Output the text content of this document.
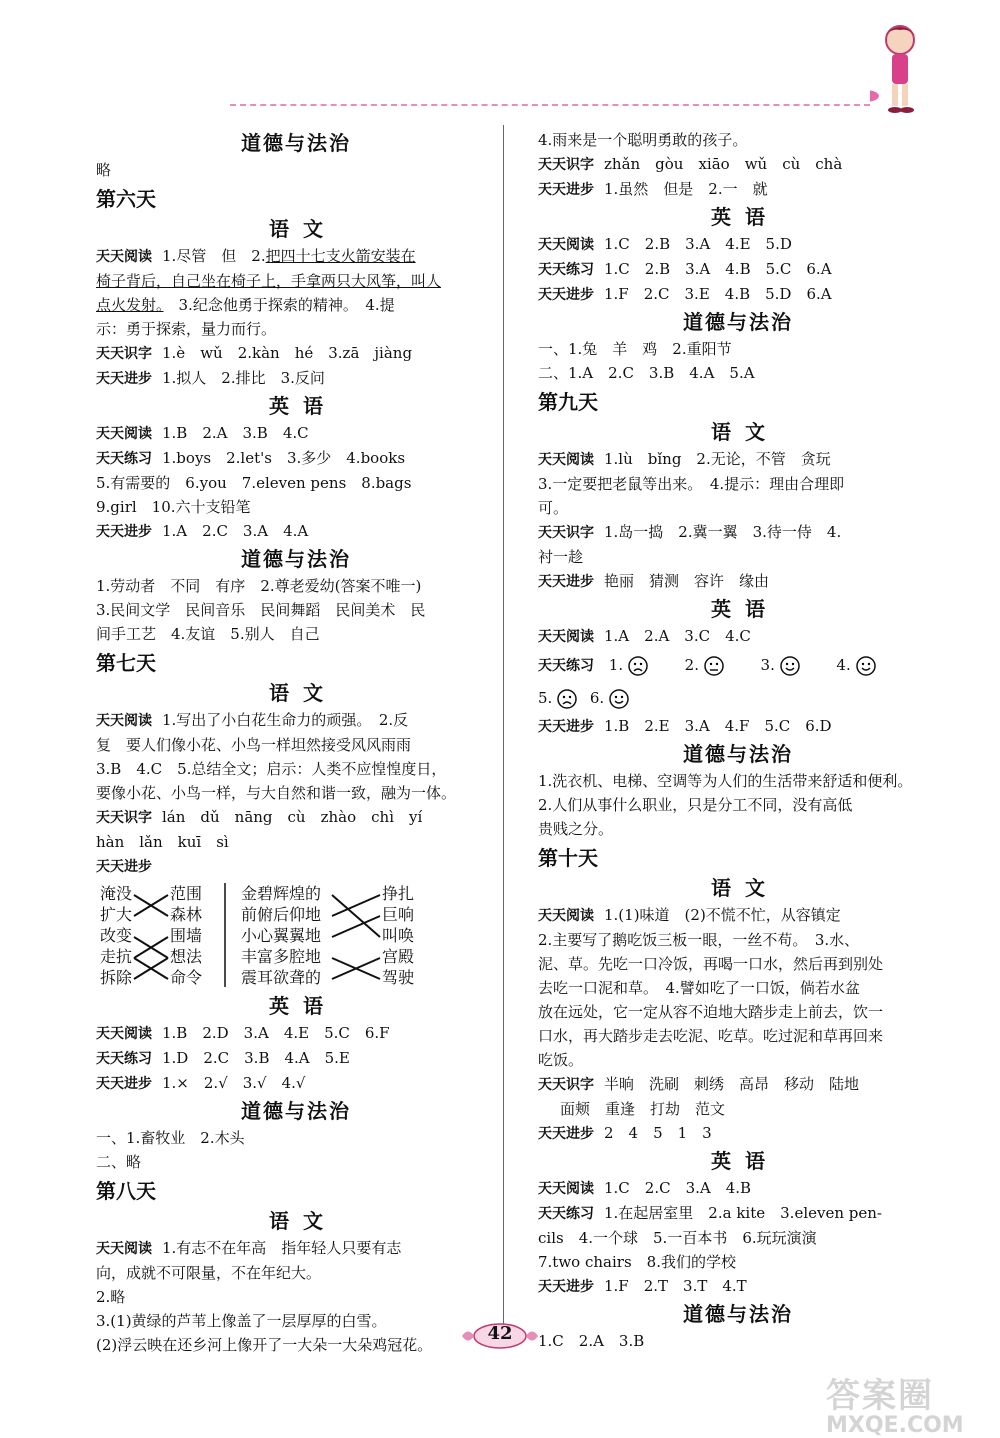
道德与法治

略

第六天
语文

天天阅读 1.尽管　但　2.把四十七支火箭安装在

椅子背后，自己坐在椅子上，手拿两只大风筝，叫人

点火发射。　3.纪念他勇于探索的精神。　4.提

示：勇于探索，量力而行。

天天识字 1.è　wǔ　2.kàn　hé　3.zā　jiàng

天天进步 1.拟人　2.排比　3.反问

英语

天天阅读 1.B　2.A　3.B　4.C

天天练习 1.boys　2.let's　3.多少　4.books

5.有需要的　6.you　7.eleven pens　8.bags

9.girl　10.六十支铅笔

天天进步 1.A　2.C　3.A　4.A

道德与法治

1.劳动者　不同　有序　2.尊老爱幼(答案不唯一)

3.民间文学　民间音乐　民间舞蹈　民间美术　民

间手工艺　4.友谊　5.别人　自己

第七天
语文

天天阅读 1.写出了小白花生命力的顽强。　2.反

复　要人们像小花、小鸟一样坦然接受风风雨雨

3.B　4.C　5.总结全文；启示：人类不应惶惶度日，

要像小花、小鸟一样，与大自然和谐一致，融为一体。

天天识字 lán　dǔ　nāng　cù　zhào　chì　yí

hàn　lǎn　kuī　sì

天天进步

淹没
扩大
改变
走抗
拆除
范围
森林
围墙
想法
命令
金碧辉煌的
前俯后仰地
小心翼翼地
丰富多腔地
震耳欲聋的
挣扎
巨响
叫唤
宫殿
驾驶
英语

天天阅读 1.B　2.D　3.A　4.E　5.C　6.F

天天练习 1.D　2.C　3.B　4.A　5.E

天天进步 1.×　2.√　3.√　4.√

道德与法治

一、1.畜牧业　2.木头

二、略

第八天
语文

天天阅读 1.有志不在年高　指年轻人只要有志

向，成就不可限量，不在年纪大。

2.略

3.(1)黄绿的芦苇上像盖了一层厚厚的白雪。

(2)浮云映在还乡河上像开了一大朵一大朵鸡冠花。

4.雨来是一个聪明勇敢的孩子。

天天识字 zhǎn　gòu　xiāo　wǔ　cù　chà

天天进步 1.虽然　但是　2.一　就

英语

天天阅读 1.C　2.B　3.A　4.E　5.D

天天练习 1.C　2.B　3.A　4.B　5.C　6.A

天天进步 1.F　2.C　3.E　4.B　5.D　6.A

道德与法治

一、1.兔　羊　鸡　2.重阳节

二、1.A　2.C　3.B　4.A　5.A

第九天
语文

天天阅读 1.lù　bǐng　2.无论，不管　贪玩

3.一定要把老鼠等出来。　4.提示：理由合理即

可。

天天识字 1.岛一捣　2.冀一翼　3.待一侍　4.

衬一趁

天天进步 艳丽　猜测　容许　缘由

英语

天天阅读 1.A　2.A　3.C　4.C

天天练习 1.	2.	3.	4.

5.	6.

天天进步 1.B　2.E　3.A　4.F　5.C　6.D

道德与法治

1.洗衣机、电梯、空调等为人们的生活带来舒适和便利。

2.人们从事什么职业，只是分工不同，没有高低

贵贱之分。

第十天
语文

天天阅读 1.(1)味道　(2)不慌不忙，从容镇定

2.主要写了鹅吃饭三板一眼，一丝不苟。　3.水、

泥、草。先吃一口冷饭，再喝一口水，然后再到别处

去吃一口泥和草。　4.譬如吃了一口饭，倘若水盆

放在远处，它一定从容不迫地大踏步走上前去，饮一

口水，再大踏步走去吃泥、吃草。吃过泥和草再回来

吃饭。

天天识字 半晌　洗刷　刺绣　高昂　移动　陆地

面颊　重逢　打劫　范文

天天进步 2　4　5　1　3

英语

天天阅读 1.C　2.C　3.A　4.B

天天练习 1.在起居室里　2.a kite　3.eleven pen-

cils　4.一个球　5.一百本书　6.玩玩演演

7.two chairs　8.我们的学校

天天进步 1.F　2.T　3.T　4.T

道德与法治

1.C　2.A　3.B

42
答案圈
MXQE.COM
